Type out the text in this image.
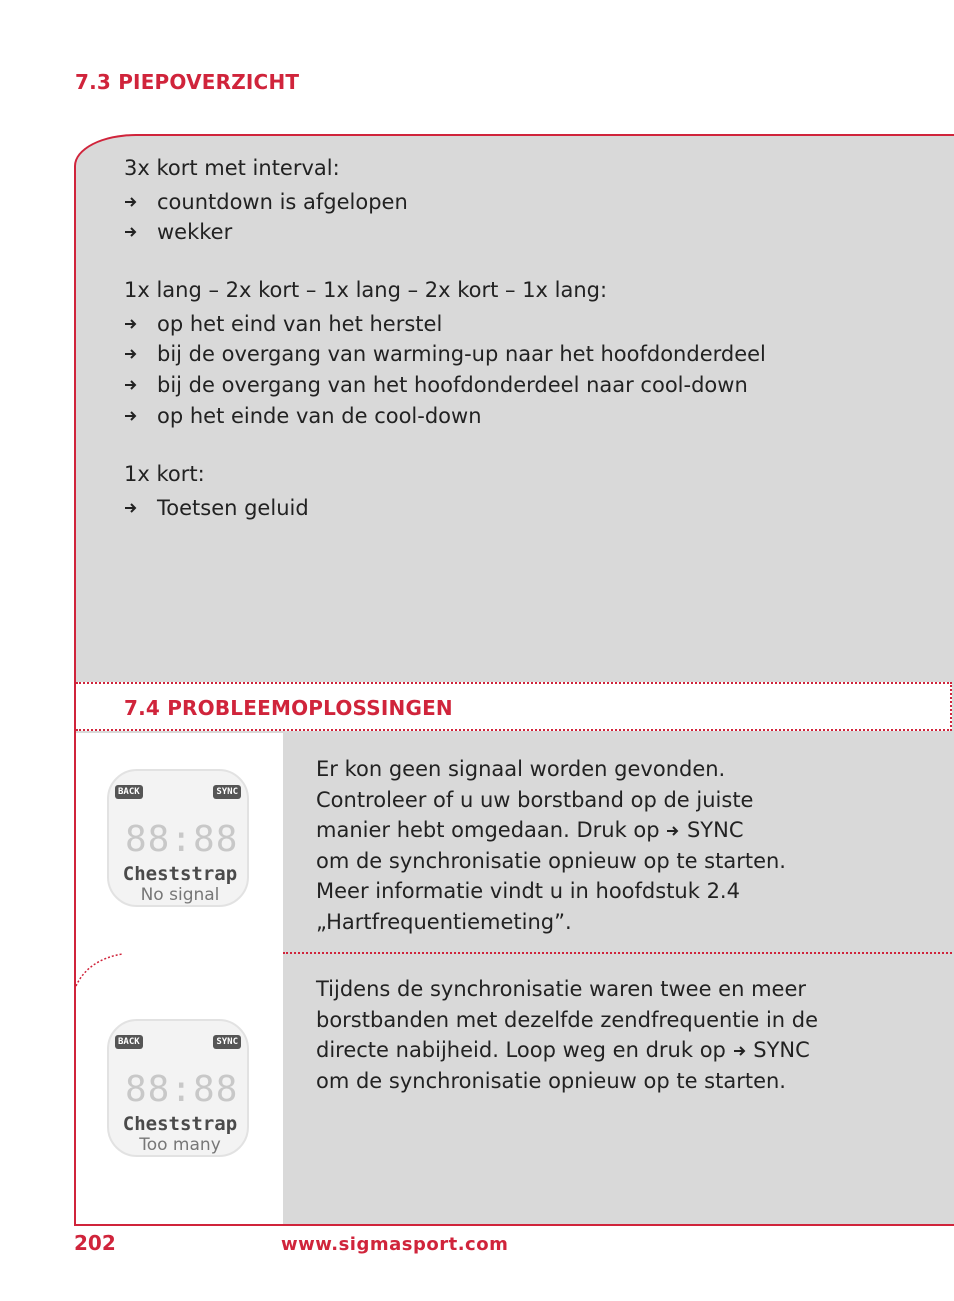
7.3 PIEPOVERZICHT
3x kort met interval:
countdown is afgelopen
wekker
1x lang – 2x kort – 1x lang – 2x kort – 1x lang:
op het eind van het herstel
bij de overgang van warming-up naar het hoofdonderdeel
bij de overgang van het hoofdonderdeel naar cool-down
op het einde van de cool-down
1x kort:
Toetsen geluid
7.4 PROBLEEMOPLOSSINGEN
BACK	SYNC
88:88
Cheststrap
No signal
BACK	SYNC
88:88
Cheststrap
Too many
Er kon geen signaal worden gevonden.
Controleer of u uw borstband op de juiste
manier hebt omgedaan. Druk op SYNC
om de synchronisatie opnieuw op te starten.
Meer informatie vindt u in hoofdstuk 2.4
„Hartfrequentiemeting”.
Tijdens de synchronisatie waren twee en meer
borstbanden met dezelfde zendfrequentie in de
directe nabijheid. Loop weg en druk op SYNC
om de synchronisatie opnieuw op te starten.
202	www.sigmasport.com
